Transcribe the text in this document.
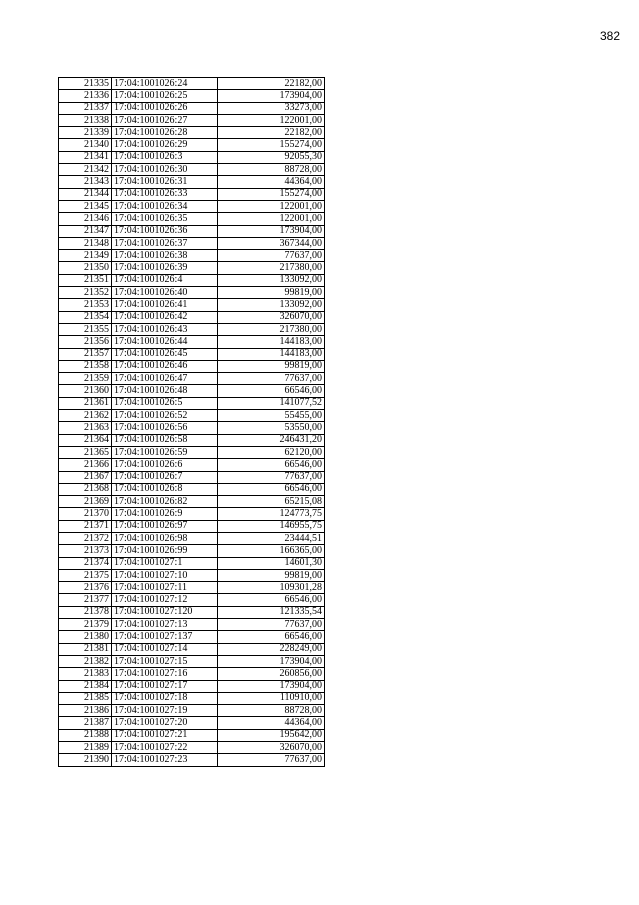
382
21335	17:04:1001026:24	22182,00
21336	17:04:1001026:25	173904,00
21337	17:04:1001026:26	33273,00
21338	17:04:1001026:27	122001,00
21339	17:04:1001026:28	22182,00
21340	17:04:1001026:29	155274,00
21341	17:04:1001026:3	92055,30
21342	17:04:1001026:30	88728,00
21343	17:04:1001026:31	44364,00
21344	17:04:1001026:33	155274,00
21345	17:04:1001026:34	122001,00
21346	17:04:1001026:35	122001,00
21347	17:04:1001026:36	173904,00
21348	17:04:1001026:37	367344,00
21349	17:04:1001026:38	77637,00
21350	17:04:1001026:39	217380,00
21351	17:04:1001026:4	133092,00
21352	17:04:1001026:40	99819,00
21353	17:04:1001026:41	133092,00
21354	17:04:1001026:42	326070,00
21355	17:04:1001026:43	217380,00
21356	17:04:1001026:44	144183,00
21357	17:04:1001026:45	144183,00
21358	17:04:1001026:46	99819,00
21359	17:04:1001026:47	77637,00
21360	17:04:1001026:48	66546,00
21361	17:04:1001026:5	141077,52
21362	17:04:1001026:52	55455,00
21363	17:04:1001026:56	53550,00
21364	17:04:1001026:58	246431,20
21365	17:04:1001026:59	62120,00
21366	17:04:1001026:6	66546,00
21367	17:04:1001026:7	77637,00
21368	17:04:1001026:8	66546,00
21369	17:04:1001026:82	65215,08
21370	17:04:1001026:9	124773,75
21371	17:04:1001026:97	146955,75
21372	17:04:1001026:98	23444,51
21373	17:04:1001026:99	166365,00
21374	17:04:1001027:1	14601,30
21375	17:04:1001027:10	99819,00
21376	17:04:1001027:11	109301,28
21377	17:04:1001027:12	66546,00
21378	17:04:1001027:120	121335,54
21379	17:04:1001027:13	77637,00
21380	17:04:1001027:137	66546,00
21381	17:04:1001027:14	228249,00
21382	17:04:1001027:15	173904,00
21383	17:04:1001027:16	260856,00
21384	17:04:1001027:17	173904,00
21385	17:04:1001027:18	110910,00
21386	17:04:1001027:19	88728,00
21387	17:04:1001027:20	44364,00
21388	17:04:1001027:21	195642,00
21389	17:04:1001027:22	326070,00
21390	17:04:1001027:23	77637,00
